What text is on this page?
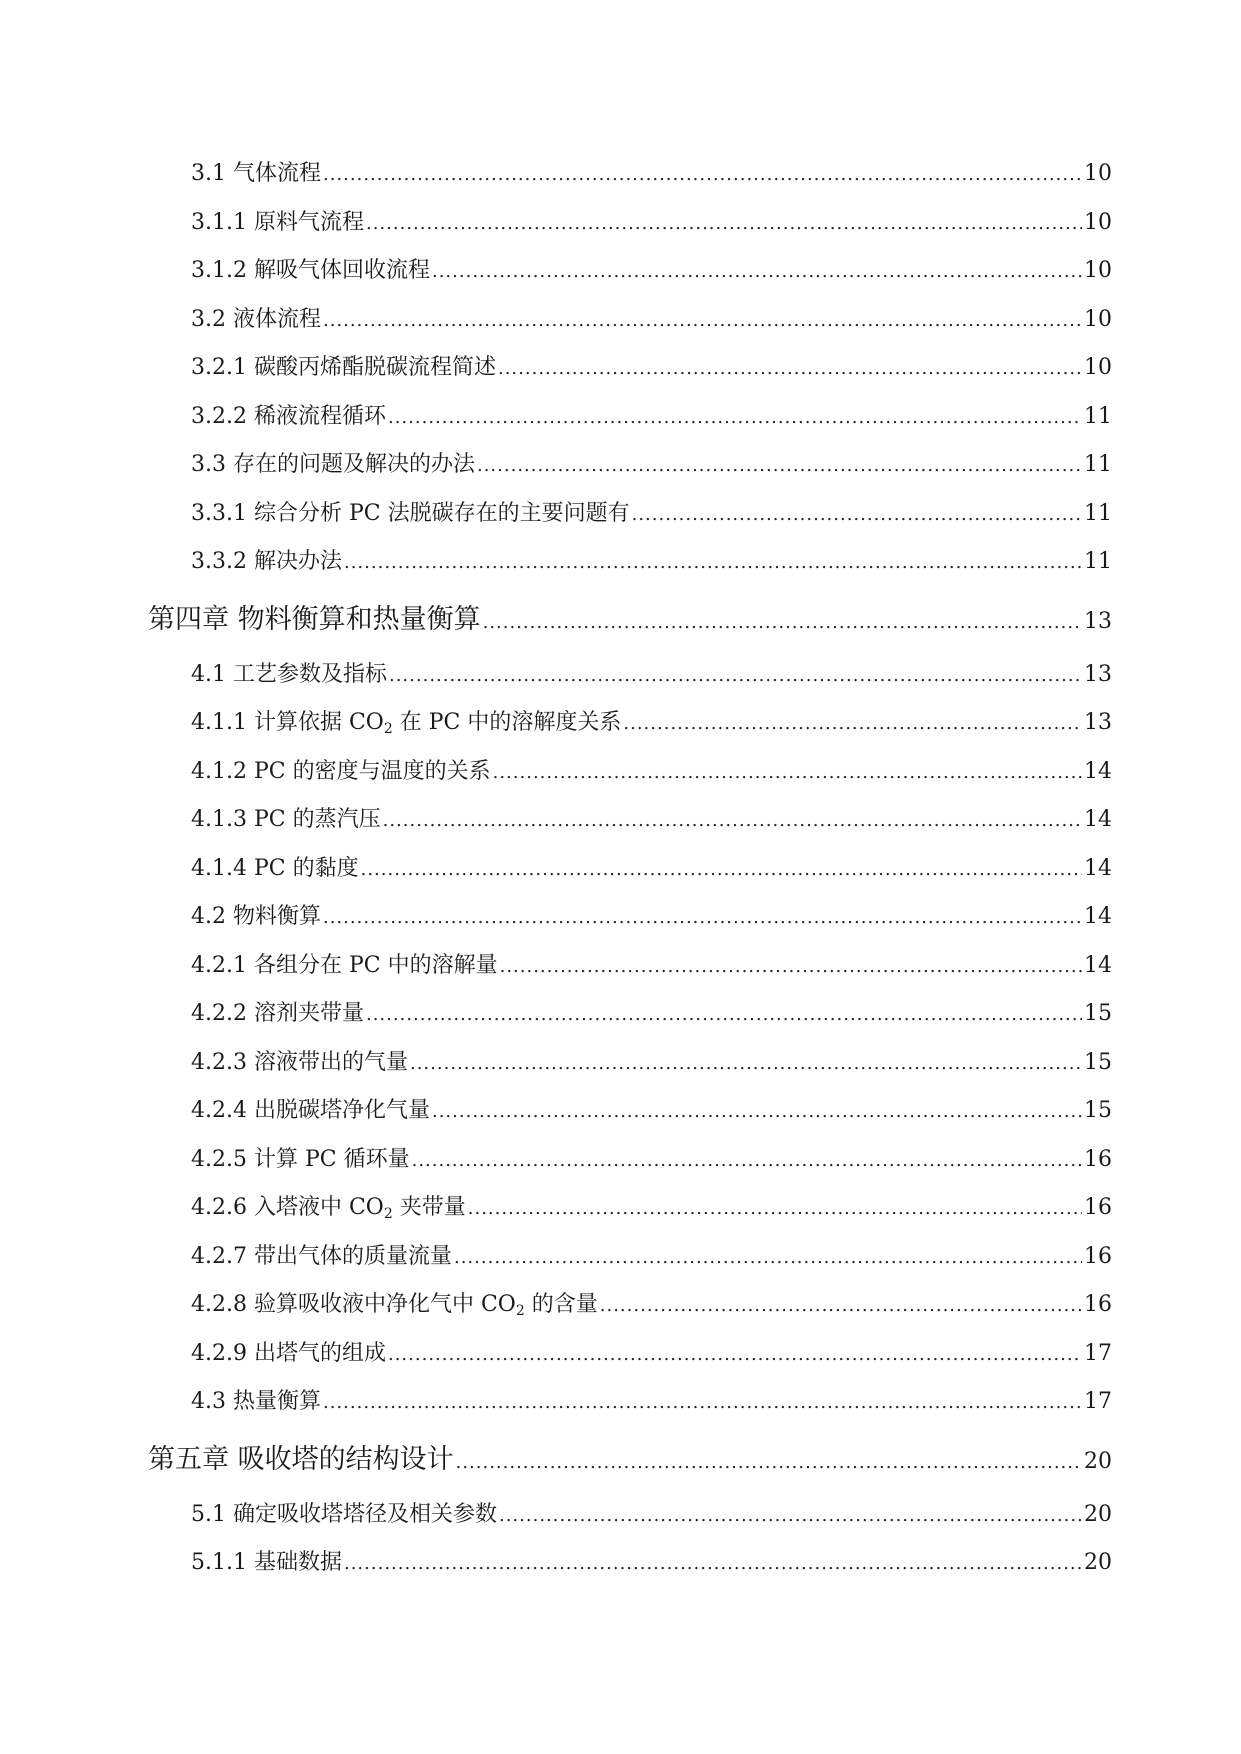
3.1 气体流程 .....	10
3.1.1 原料气流程 .....	10
3.1.2 解吸气体回收流程 .....	10
3.2 液体流程 .....	10
3.2.1 碳酸丙烯酯脱碳流程简述 .....	10
3.2.2 稀液流程循环 .....	11
3.3 存在的问题及解决的办法 .....	11
3.3.1 综合分析 PC 法脱碳存在的主要问题有 .....	11
3.3.2 解决办法 .....	11
第四章 物料衡算和热量衡算 .....	13
4.1 工艺参数及指标 .....	13
4.1.1 计算依据 $CO_2$ 在 PC 中的溶解度关系 .....	13
4.1.2 PC 的密度与温度的关系 .....	14
4.1.3 PC 的蒸汽压 .....	14
4.1.4 PC 的黏度 .....	14
4.2 物料衡算 .....	14
4.2.1 各组分在 PC 中的溶解量 .....	14
4.2.2 溶剂夹带量 .....	15
4.2.3 溶液带出的气量 .....	15
4.2.4 出脱碳塔净化气量 .....	15
4.2.5 计算 PC 循环量 .....	16
4.2.6 入塔液中 $CO_2$ 夹带量 .....	16
4.2.7 带出气体的质量流量 .....	16
4.2.8 验算吸收液中净化气中 $CO_2$ 的含量 .....	16
4.2.9 出塔气的组成 .....	17
4.3 热量衡算 .....	17
第五章 吸收塔的结构设计 .....	20
5.1 确定吸收塔塔径及相关参数 .....	20
5.1.1 基础数据 .....	20
